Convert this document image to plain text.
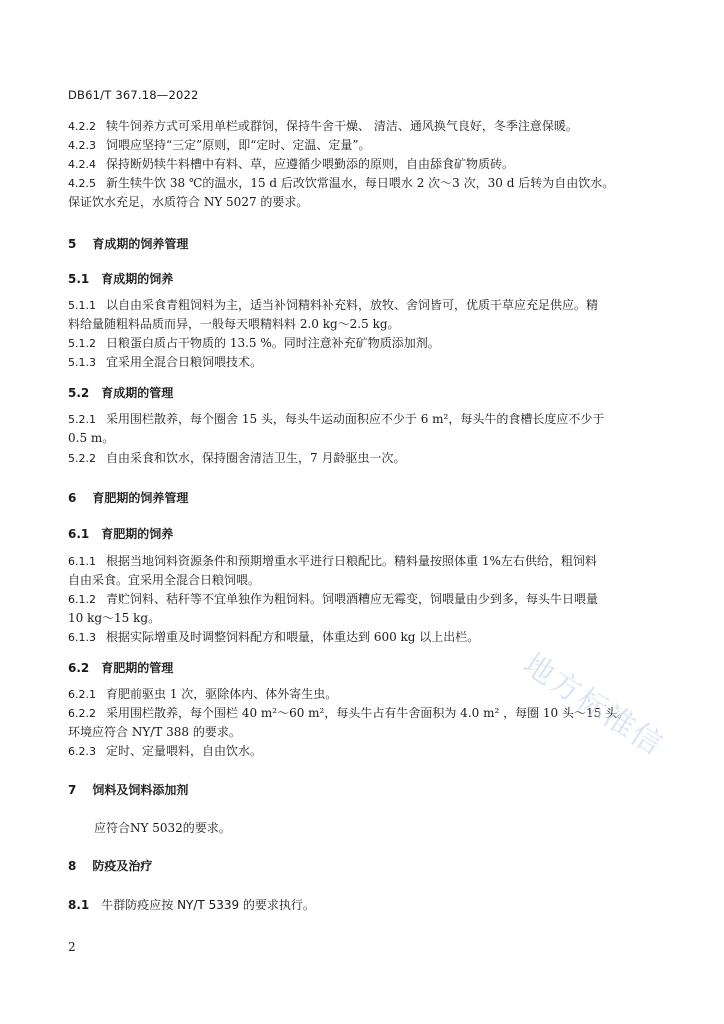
DB61/T 367.18—2022
4.2.2 犊牛饲养方式可采用单栏或群饲，保持牛舍干燥、 清洁、通风换气良好，冬季注意保暖。
4.2.3 饲喂应坚持“三定”原则，即“定时、定温、定量”。
4.2.4 保持断奶犊牛料槽中有料、草，应遵循少喂勤添的原则，自由舔食矿物质砖。
4.2.5 新生犊牛饮 38 ℃的温水，15 d 后改饮常温水，每日喂水 2 次～3 次，30 d 后转为自由饮水。
保证饮水充足，水质符合 NY 5027 的要求。
5 育成期的饲养管理
5.1 育成期的饲养
5.1.1 以自由采食青粗饲料为主，适当补饲精料补充料，放牧、舍饲皆可，优质干草应充足供应。精
料给量随粗料品质而异，一般每天喂精料料 2.0 kg～2.5 kg。
5.1.2 日粮蛋白质占干物质的 13.5 %。同时注意补充矿物质添加剂。
5.1.3 宜采用全混合日粮饲喂技术。
5.2 育成期的管理
5.2.1 采用围栏散养，每个圈舍 15 头，每头牛运动面积应不少于 6 m²，每头牛的食槽长度应不少于
0.5 m。
5.2.2 自由采食和饮水，保持圈舍清洁卫生，7 月龄驱虫一次。
6 育肥期的饲养管理
6.1 育肥期的饲养
6.1.1 根据当地饲料资源条件和预期增重水平进行日粮配比。精料量按照体重 1%左右供给，粗饲料
自由采食。宜采用全混合日粮饲喂。
6.1.2 青贮饲料、秸秆等不宜单独作为粗饲料。饲喂酒糟应无霉变，饲喂量由少到多，每头牛日喂量
10 kg～15 kg。
6.1.3 根据实际增重及时调整饲料配方和喂量，体重达到 600 kg 以上出栏。
6.2 育肥期的管理
6.2.1 育肥前驱虫 1 次，驱除体内、体外寄生虫。
6.2.2 采用围栏散养，每个围栏 40 m²～60 m²，每头牛占有牛舍面积为 4.0 m² ，每圈 10 头～15 头。
环境应符合 NY/T 388 的要求。
6.2.3 定时、定量喂料，自由饮水。
7 饲料及饲料添加剂
应符合NY 5032的要求。
8 防疫及治疗
8.1 牛群防疫应按 NY/T 5339 的要求执行。
2
地方标准信
